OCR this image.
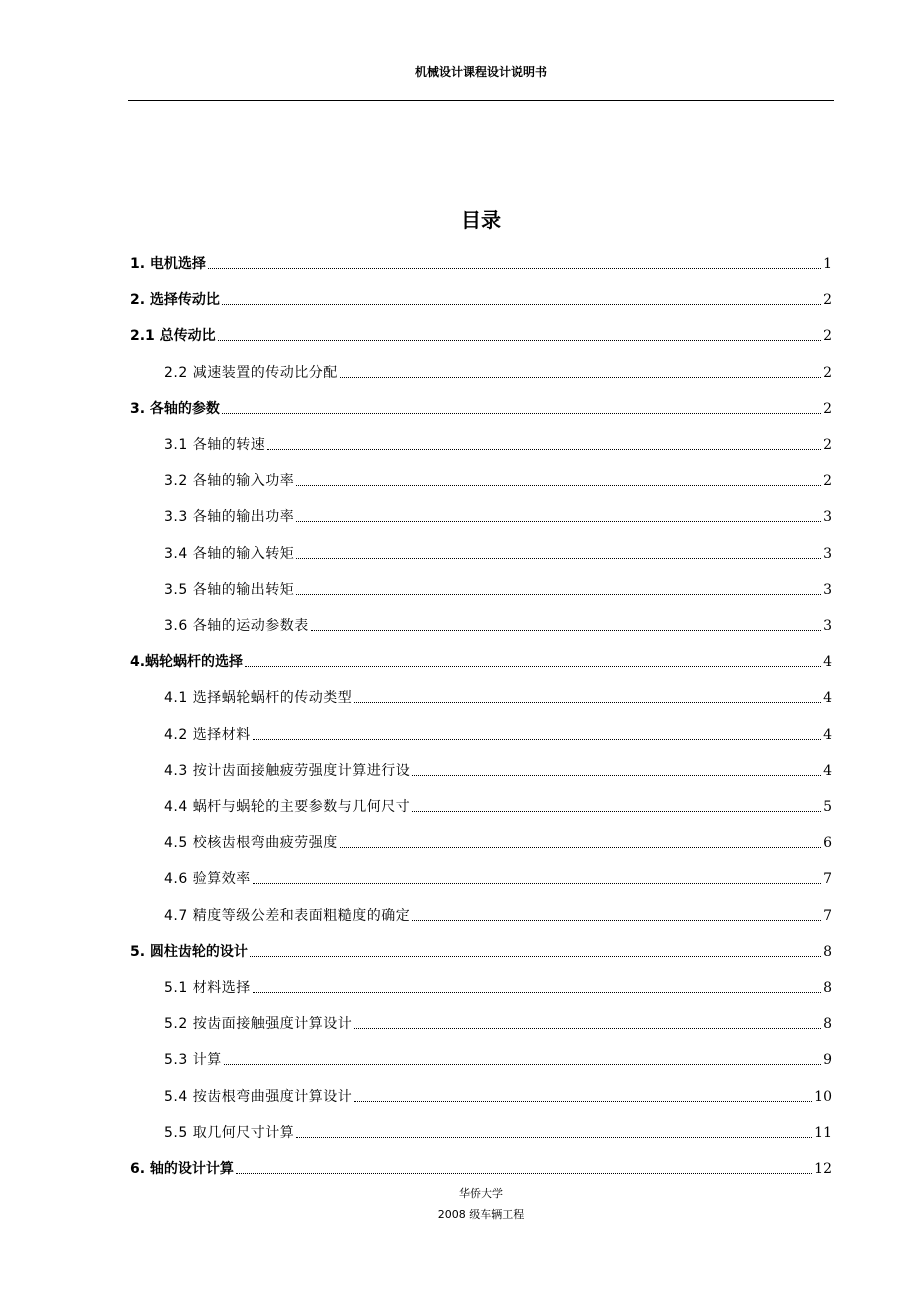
机械设计课程设计说明书
目录
1. 电机选择	1
2. 选择传动比	2
2.1 总传动比	2
2.2 减速装置的传动比分配	2
3. 各轴的参数	2
3.1 各轴的转速	2
3.2 各轴的输入功率	2
3.3 各轴的输出功率	3
3.4 各轴的输入转矩	3
3.5 各轴的输出转矩	3
3.6 各轴的运动参数表	3
4.蜗轮蜗杆的选择	4
4.1 选择蜗轮蜗杆的传动类型	4
4.2 选择材料	4
4.3 按计齿面接触疲劳强度计算进行设	4
4.4 蜗杆与蜗轮的主要参数与几何尺寸	5
4.5 校核齿根弯曲疲劳强度	6
4.6 验算效率	7
4.7 精度等级公差和表面粗糙度的确定	7
5. 圆柱齿轮的设计	8
5.1 材料选择	8
5.2 按齿面接触强度计算设计	8
5.3 计算	9
5.4 按齿根弯曲强度计算设计	10
5.5 取几何尺寸计算	11
6. 轴的设计计算	12
华侨大学
2008 级车辆工程
